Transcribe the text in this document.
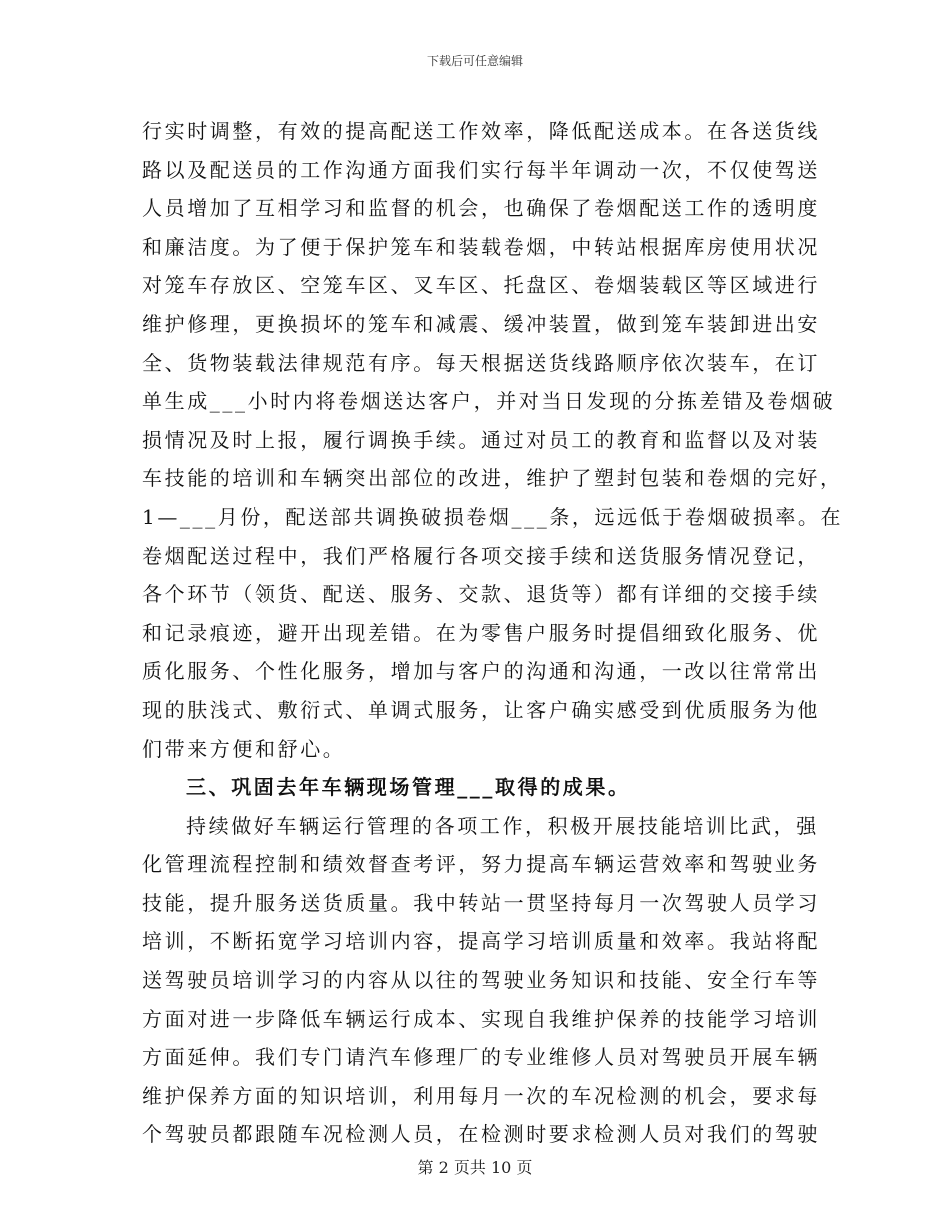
下载后可任意编辑
行实时调整，有效的提高配送工作效率，降低配送成本。在各送货线
路以及配送员的工作沟通方面我们实行每半年调动一次，不仅使驾送
人员增加了互相学习和监督的机会，也确保了卷烟配送工作的透明度
和廉洁度。为了便于保护笼车和装载卷烟，中转站根据库房使用状况
对笼车存放区、空笼车区、叉车区、托盘区、卷烟装载区等区域进行
维护修理，更换损坏的笼车和减震、缓冲装置，做到笼车装卸进出安
全、货物装载法律规范有序。每天根据送货线路顺序依次装车，在订
单生成___小时内将卷烟送达客户，并对当日发现的分拣差错及卷烟破
损情况及时上报，履行调换手续。通过对员工的教育和监督以及对装
车技能的培训和车辆突出部位的改进，维护了塑封包装和卷烟的完好，
1—___月份，配送部共调换破损卷烟___条，远远低于卷烟破损率。在
卷烟配送过程中，我们严格履行各项交接手续和送货服务情况登记，
各个环节（领货、配送、服务、交款、退货等）都有详细的交接手续
和记录痕迹，避开出现差错。在为零售户服务时提倡细致化服务、优
质化服务、个性化服务，增加与客户的沟通和沟通，一改以往常常出
现的肤浅式、敷衍式、单调式服务，让客户确实感受到优质服务为他
们带来方便和舒心。
三、巩固去年车辆现场管理___取得的成果。
持续做好车辆运行管理的各项工作，积极开展技能培训比武，强
化管理流程控制和绩效督查考评，努力提高车辆运营效率和驾驶业务
技能，提升服务送货质量。我中转站一贯坚持每月一次驾驶人员学习
培训，不断拓宽学习培训内容，提高学习培训质量和效率。我站将配
送驾驶员培训学习的内容从以往的驾驶业务知识和技能、安全行车等
方面对进一步降低车辆运行成本、实现自我维护保养的技能学习培训
方面延伸。我们专门请汽车修理厂的专业维修人员对驾驶员开展车辆
维护保养方面的知识培训，利用每月一次的车况检测的机会，要求每
个驾驶员都跟随车况检测人员，在检测时要求检测人员对我们的驾驶
第 2 页共 10 页
